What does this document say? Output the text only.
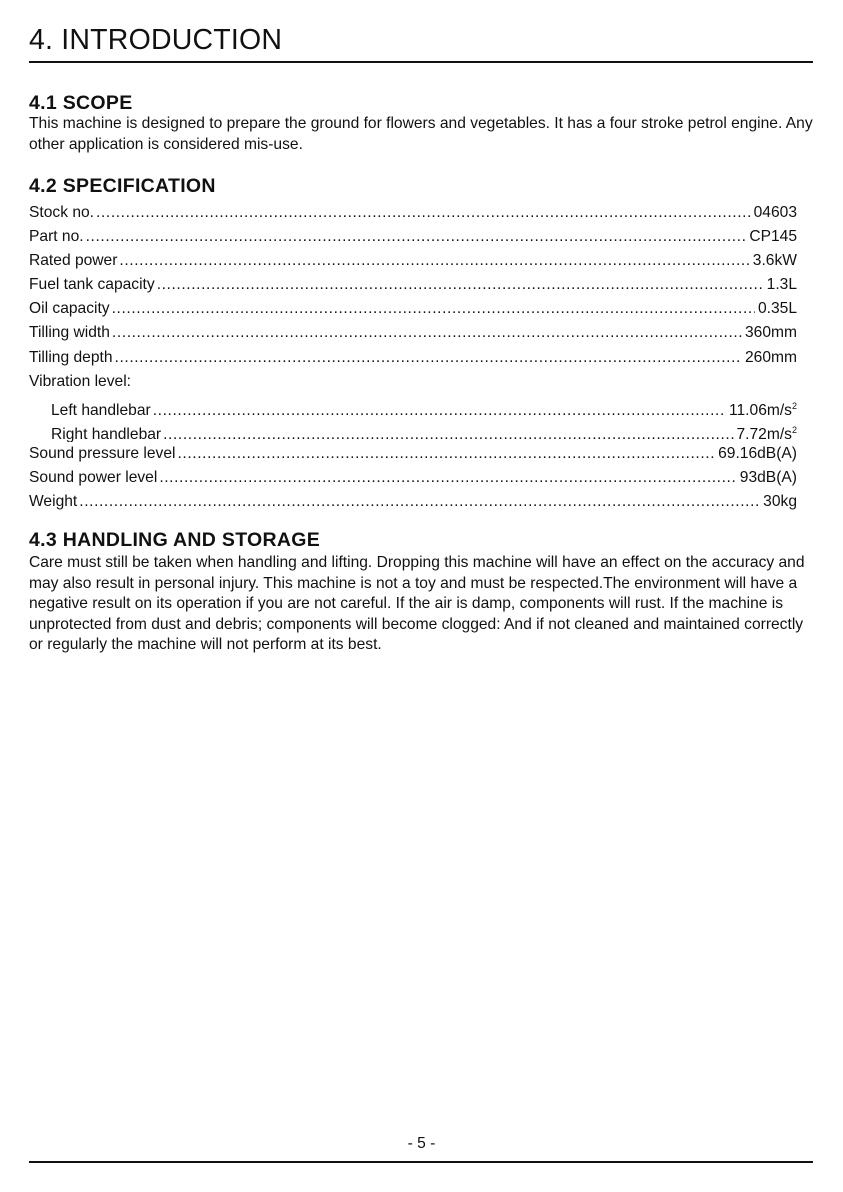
4. INTRODUCTION
4.1 SCOPE

This machine is designed to prepare the ground for flowers and vegetables. It has a four stroke petrol engine. Any other application is considered mis-use.

4.2 SPECIFICATION
Stock no. .....	04603
Part no. .....	CP145
Rated power .....	3.6kW
Fuel tank capacity .....	1.3L
Oil capacity .....	0.35L
Tilling width .....	360mm
Tilling depth .....	260mm
Vibration level:
Left handlebar .....	$11.06m/s^2$
Right handlebar .....	$7.72m/s^2$
Sound pressure level .....	69.16dB(A)
Sound power level .....	93dB(A)
Weight .....	30kg
4.3 HANDLING AND STORAGE

Care must still be taken when handling and lifting. Dropping this machine will have an effect on the accuracy and may also result in personal injury. This machine is not a toy and must be respected.The environment will have a negative result on its operation if you are not careful. If the air is damp, components will rust. If the machine is unprotected from dust and debris; components will become clogged: And if not cleaned and maintained correctly or regularly the machine will not perform at its best.

- 5 -
